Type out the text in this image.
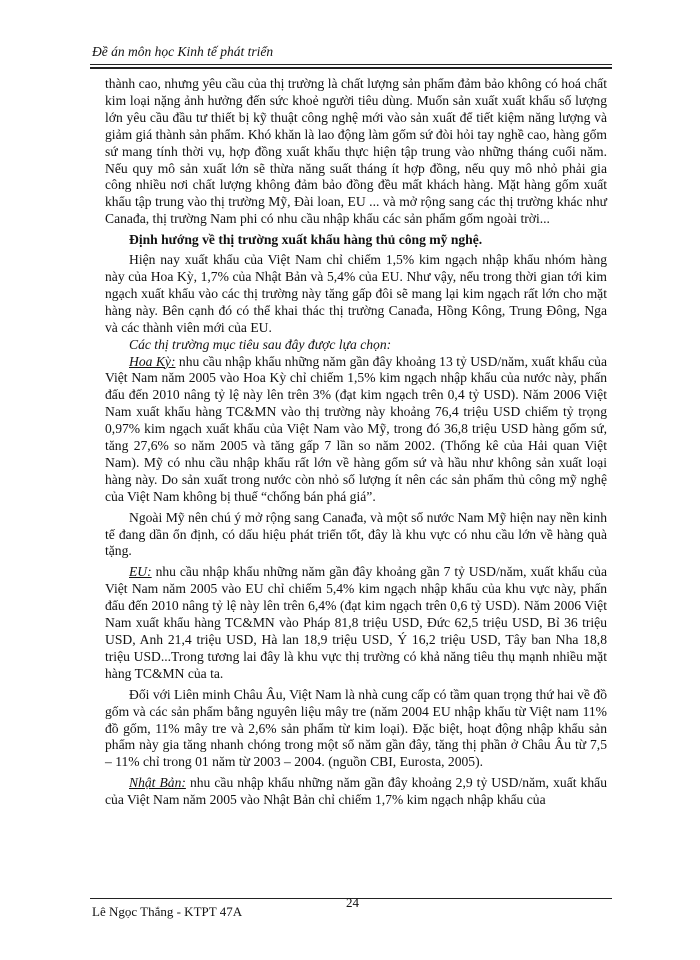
Đề án môn học Kinh tế phát triển

thành cao, nhưng yêu cầu của thị trường là chất lượng sản phẩm đảm bảo không có hoá chất kim loại nặng ảnh hưởng đến sức khoẻ người tiêu dùng. Muốn sản xuất xuất khẩu số lượng lớn yêu cầu đầu tư thiết bị kỹ thuật công nghệ mới vào sản xuất để tiết kiệm năng lượng và giảm giá thành sản phẩm. Khó khăn là lao động làm gốm sứ đòi hỏi tay nghề cao, hàng gốm sứ mang tính thời vụ, hợp đồng xuất khẩu thực hiện tập trung vào những tháng cuối năm. Nếu quy mô sản xuất lớn sẽ thừa năng suất tháng ít hợp đồng, nếu quy mô nhỏ phải gia công nhiều nơi chất lượng không đảm bảo đồng đều mất khách hàng. Mặt hàng gốm xuất khẩu tập trung vào thị trường Mỹ, Đài loan, EU ... và mở rộng sang các thị trường khác như Canađa, thị trường Nam phi có nhu cầu nhập khẩu các sản phẩm gốm ngoài trời...

Định hướng về thị trường xuất khẩu hàng thủ công mỹ nghệ.

Hiện nay xuất khẩu của Việt Nam chỉ chiếm 1,5% kim ngạch nhập khẩu nhóm hàng này của Hoa Kỳ, 1,7% của Nhật Bản và 5,4% của EU. Như vậy, nếu trong thời gian tới kim ngạch xuất khẩu vào các thị trường này tăng gấp đôi sẽ mang lại kim ngạch rất lớn cho mặt hàng này. Bên cạnh đó có thể khai thác thị trường Canađa, Hồng Kông, Trung Đông, Nga và các thành viên mới của EU.

Các thị trường mục tiêu sau đây được lựa chọn:

Hoa Kỳ: nhu cầu nhập khẩu những năm gần đây khoảng 13 tỷ USD/năm, xuất khẩu của Việt Nam năm 2005 vào Hoa Kỳ chỉ chiếm 1,5% kim ngạch nhập khẩu của nước này, phấn đấu đến 2010 nâng tỷ lệ này lên trên 3% (đạt kim ngạch trên 0,4 tỷ USD). Năm 2006 Việt Nam xuất khẩu hàng TC&MN vào thị trường này khoảng 76,4 triệu USD chiếm tỷ trọng 0,97% kim ngạch xuất khẩu của Việt Nam vào Mỹ, trong đó 36,8 triệu USD hàng gốm sứ, tăng 27,6% so năm 2005 và tăng gấp 7 lần so năm 2002. (Thống kê của Hải quan Việt Nam). Mỹ có nhu cầu nhập khẩu rất lớn về hàng gốm sứ và hầu như không sản xuất loại hàng này. Do sản xuất trong nước còn nhỏ số lượng ít nên các sản phẩm thủ công mỹ nghệ của Việt Nam không bị thuế “chống bán phá giá”.

Ngoài Mỹ nên chú ý mở rộng sang Canađa, và một số nước Nam Mỹ hiện nay nền kinh tế đang dần ổn định, có dấu hiệu phát triển tốt, đây là khu vực có nhu cầu lớn về hàng quà tặng.

EU: nhu cầu nhập khẩu những năm gần đây khoảng gần 7 tỷ USD/năm, xuất khẩu của Việt Nam năm 2005 vào EU chỉ chiếm 5,4% kim ngạch nhập khẩu của khu vực này, phấn đấu đến 2010 nâng tỷ lệ này lên trên 6,4% (đạt kim ngạch trên 0,6 tỷ USD). Năm 2006 Việt Nam xuất khẩu hàng TC&MN vào Pháp 81,8 triệu USD, Đức 62,5 triệu USD, Bỉ 36 triệu USD, Anh 21,4 triệu USD, Hà lan 18,9 triệu USD, Ý 16,2 triệu USD, Tây ban Nha 18,8 triệu USD...Trong tương lai đây là khu vực thị trường có khả năng tiêu thụ mạnh nhiều mặt hàng TC&MN của ta.

Đối với Liên minh Châu Âu, Việt Nam là nhà cung cấp có tầm quan trọng thứ hai về đồ gốm và các sản phẩm bằng nguyên liệu mây tre (năm 2004 EU nhập khẩu từ Việt nam 11% đồ gốm, 11% mây tre và 2,6% sản phẩm từ kim loại). Đặc biệt, hoạt động nhập khẩu sản phẩm này gia tăng nhanh chóng trong một số năm gần đây, tăng thị phần ở Châu Âu từ 7,5 – 11% chỉ trong 01 năm từ 2003 – 2004. (nguồn CBI, Eurosta, 2005).

Nhật Bản: nhu cầu nhập khẩu những năm gần đây khoảng 2,9 tỷ USD/năm, xuất khẩu của Việt Nam năm 2005 vào Nhật Bản chỉ chiếm 1,7% kim ngạch nhập khẩu của

Lê Ngọc Thắng - KTPT 47A
24
